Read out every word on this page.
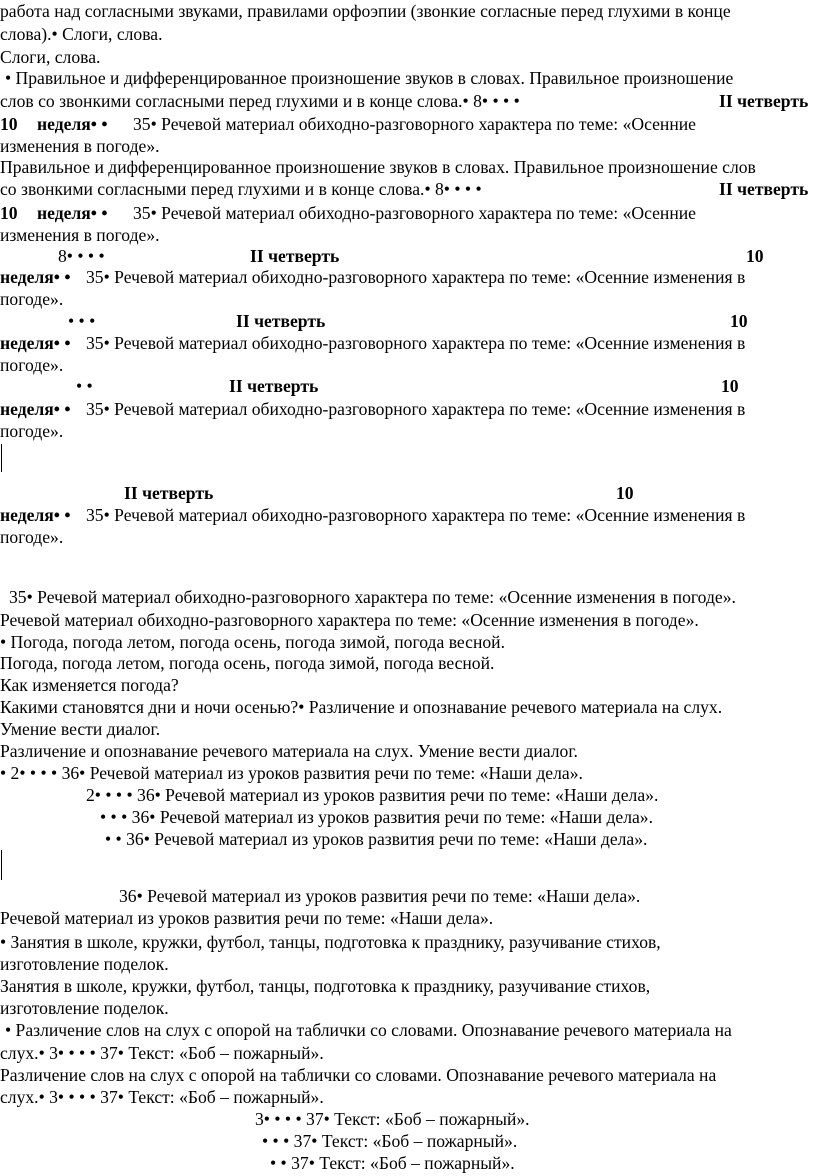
работа над согласными звуками, правилами орфоэпии (звонкие согласные перед глухими в конце
слова).• Слоги, слова.
Слоги, слова.
• Правильное и дифференцированное произношение звуков в словах. Правильное произношение
слов со звонкими согласными перед глухими и в конце слова.• 8• • • •	II четверть
10 неделя• • 35• Речевой материал обиходно-разговорного характера по теме: «Осенние
изменения в погоде».
Правильное и дифференцированное произношение звуков в словах. Правильное произношение слов
со звонкими согласными перед глухими и в конце слова.• 8• • • •	II четверть
10 неделя• • 35• Речевой материал обиходно-разговорного характера по теме: «Осенние
изменения в погоде».
8• • • •	II четверть	10
неделя• • 35• Речевой материал обиходно-разговорного характера по теме: «Осенние изменения в
погоде».
• • •	II четверть	10
неделя• • 35• Речевой материал обиходно-разговорного характера по теме: «Осенние изменения в
погоде».
• •	II четверть	10
неделя• • 35• Речевой материал обиходно-разговорного характера по теме: «Осенние изменения в
погоде».
II четверть	10
неделя• • 35• Речевой материал обиходно-разговорного характера по теме: «Осенние изменения в
погоде».
35• Речевой материал обиходно-разговорного характера по теме: «Осенние изменения в погоде».
Речевой материал обиходно-разговорного характера по теме: «Осенние изменения в погоде».
• Погода, погода летом, погода осень, погода зимой, погода весной.
Погода, погода летом, погода осень, погода зимой, погода весной.
Как изменяется погода?
Какими становятся дни и ночи осенью?• Различение и опознавание речевого материала на слух.
Умение вести диалог.
Различение и опознавание речевого материала на слух. Умение вести диалог.
• 2• • • • 36• Речевой материал из уроков развития речи по теме: «Наши дела».
2• • • • 36• Речевой материал из уроков развития речи по теме: «Наши дела».
• • • 36• Речевой материал из уроков развития речи по теме: «Наши дела».
• • 36• Речевой материал из уроков развития речи по теме: «Наши дела».
36• Речевой материал из уроков развития речи по теме: «Наши дела».
Речевой материал из уроков развития речи по теме: «Наши дела».
• Занятия в школе, кружки, футбол, танцы, подготовка к празднику, разучивание стихов,
изготовление поделок.
Занятия в школе, кружки, футбол, танцы, подготовка к празднику, разучивание стихов,
изготовление поделок.
• Различение слов на слух с опорой на таблички со словами. Опознавание речевого материала на
слух.• 3• • • • 37• Текст: «Боб – пожарный».
Различение слов на слух с опорой на таблички со словами. Опознавание речевого материала на
слух.• 3• • • • 37• Текст: «Боб – пожарный».
3• • • • 37• Текст: «Боб – пожарный».
• • • 37• Текст: «Боб – пожарный».
• • 37• Текст: «Боб – пожарный».
